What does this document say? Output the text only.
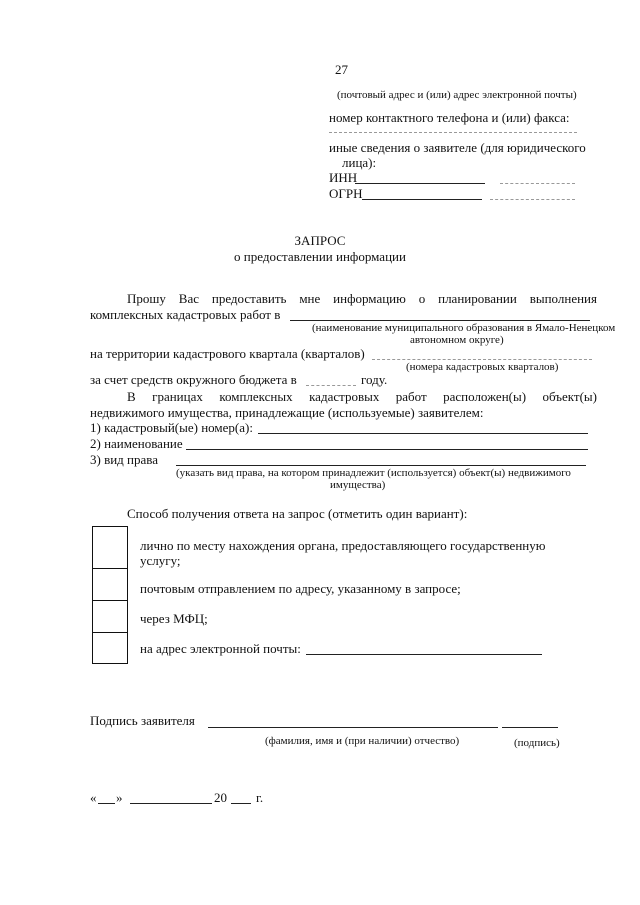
27
(почтовый адрес и (или) адрес электронной почты)
номер контактного телефона и (или) факса:
иные сведения о заявителе (для юридического
лица):
ИНН
ОГРН
ЗАПРОС
о предоставлении информации
Прошу Вас предоставить мне информацию о планировании выполнения
комплексных кадастровых работ в
(наименование муниципального образования в Ямало-Ненецком
автономном округе)
на территории кадастрового квартала (кварталов)
(номера кадастровых кварталов)
за счет средств окружного бюджета в	году.
В границах комплексных кадастровых работ расположен(ы) объект(ы)
недвижимого имущества, принадлежащие (используемые) заявителем:
1) кадастровый(ые) номер(а):
2) наименование
3) вид права
(указать вид права, на котором принадлежит (используется) объект(ы) недвижимого
имущества)
Способ получения ответа на запрос (отметить один вариант):
лично по месту нахождения органа, предоставляющего государственную
услугу;
почтовым отправлением по адресу, указанному в запросе;
через МФЦ;
на адрес электронной почты:
Подпись заявителя
(фамилия, имя и (при наличии) отчество)	(подпись)
« »	20 г.
